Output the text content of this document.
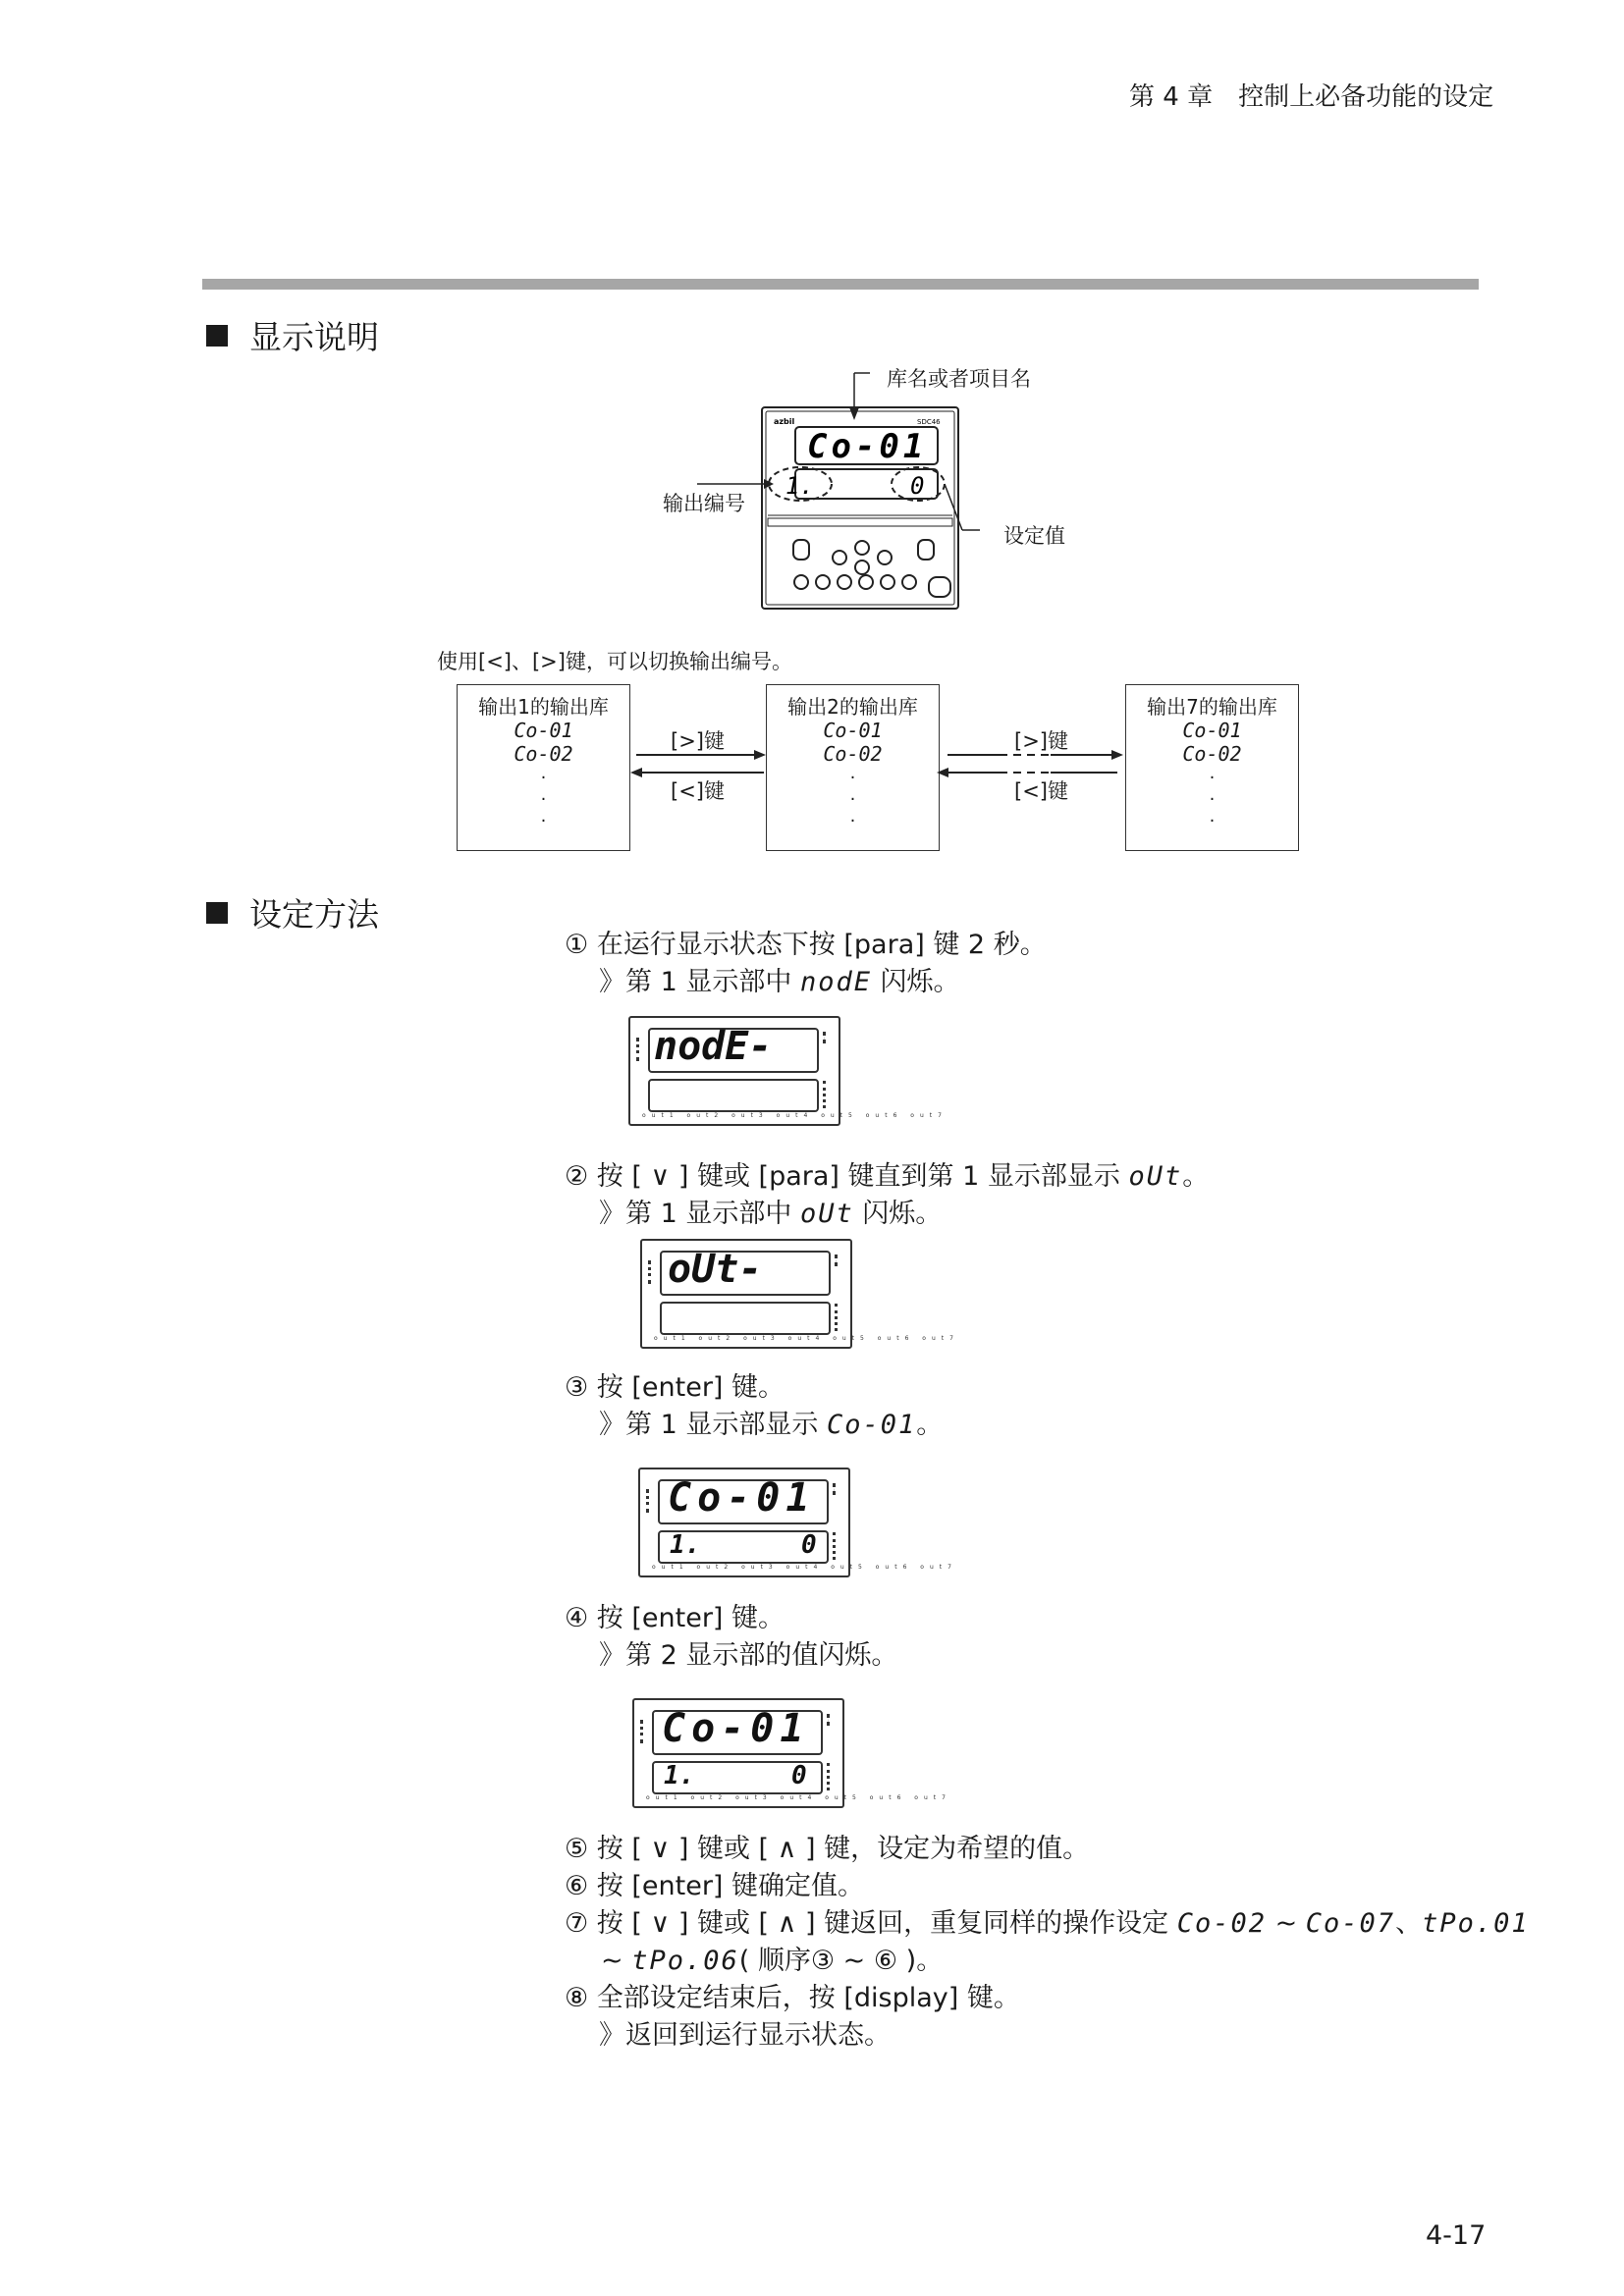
第 4 章　控制上必备功能的设定
显示说明
azbil	SDC46
Co-01
1.	0
库名或者项目名
输出编号
设定值
使用[<]、[>]键，可以切换输出编号。
输出1的输出库
Co-01
Co-02
·
·
·
输出2的输出库
Co-01
Co-02
·
·
·
输出7的输出库
Co-01
Co-02
·
·
·
[>]键
[<]键
[>]键
[<]键
设定方法
① 在运行显示状态下按 [para] 键 2 秒。
》第 1 显示部中 nodE 闪烁。
nodE-
out1 out2 out3 out4 out5 out6 out7
② 按 [ ∨ ] 键或 [para] 键直到第 1 显示部显示 oUt。
》第 1 显示部中 oUt 闪烁。
oUt-
out1 out2 out3 out4 out5 out6 out7
③ 按 [enter] 键。
》第 1 显示部显示 Co-01。
Co-01
1.	0
out1 out2 out3 out4 out5 out6 out7
④ 按 [enter] 键。
》第 2 显示部的值闪烁。
Co-01
1.	0
out1 out2 out3 out4 out5 out6 out7
⑤ 按 [ ∨ ] 键或 [ ∧ ] 键，设定为希望的值。
⑥ 按 [enter] 键确定值。
⑦ 按 [ ∨ ] 键或 [ ∧ ] 键返回，重复同样的操作设定 Co-02 ~ Co-07、tPo.01
~ tPo.06( 顺序③ ~ ⑥ )。
⑧ 全部设定结束后，按 [display] 键。
》返回到运行显示状态。
4-17
